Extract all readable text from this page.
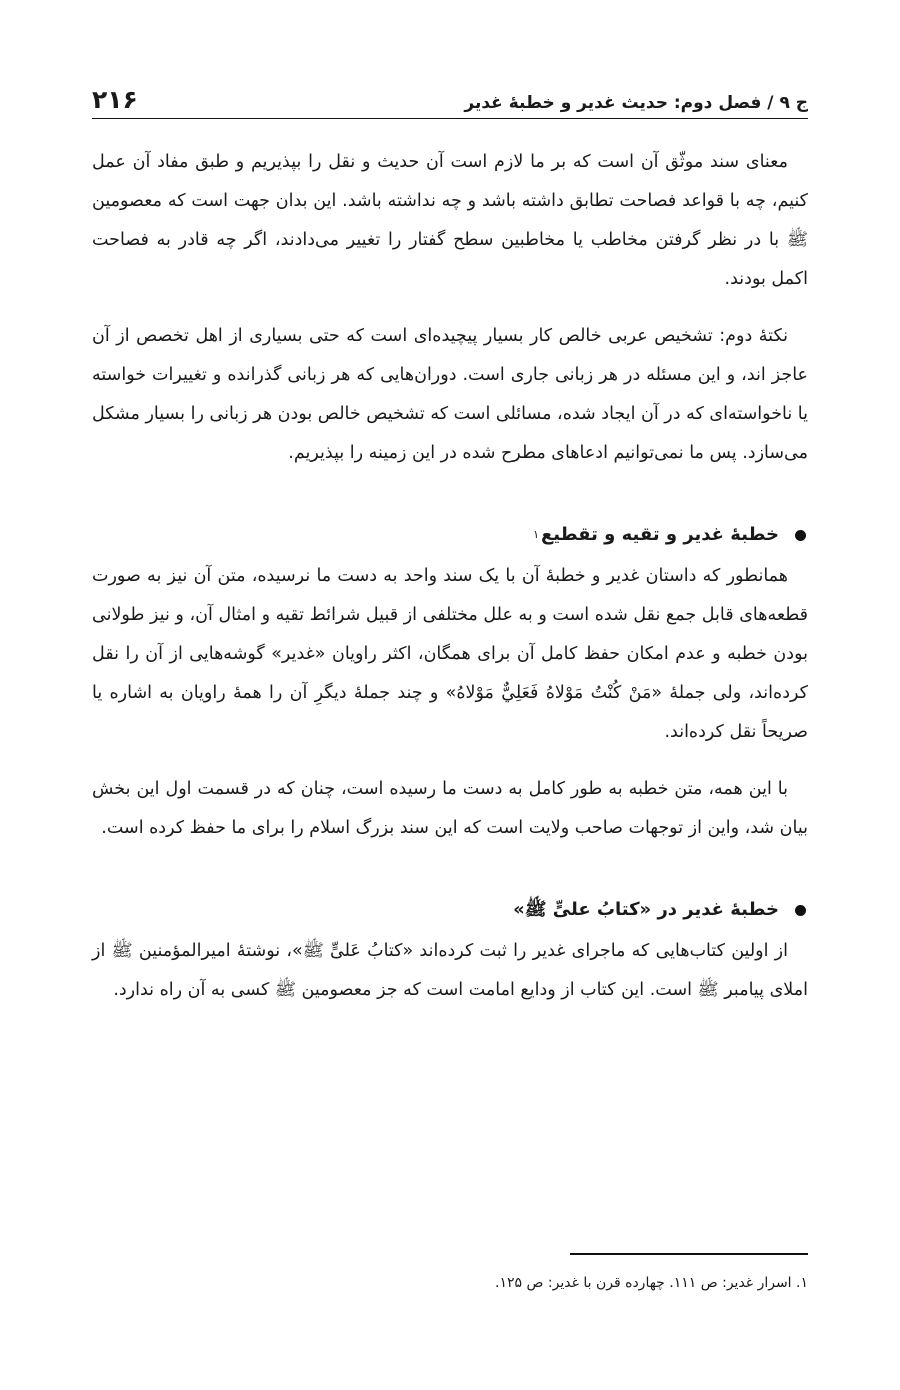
ج ۹ / فصل دوم: حدیث غدیر و خطبهٔ غدیر
۲۱۶

معنای سند موثّق آن است که بر ما لازم است آن حدیث و نقل را بپذیریم و طبق مفاد آن عمل کنیم، چه با قواعد فصاحت تطابق داشته باشد و چه نداشته باشد. این بدان جهت است که معصومین ﷺ با در نظر گرفتن مخاطب یا مخاطبین سطح گفتار را تغییر می‌دادند، اگر چه قادر به فصاحت اکمل بودند.

نکتهٔ دوم: تشخیص عربی خالص کار بسیار پیچیده‌ای است که حتی بسیاری از اهل تخصص از آن عاجز اند، و این مسئله در هر زبانی جاری است. دوران‌هایی که هر زبانی گذرانده و تغییرات خواسته یا ناخواسته‌ای که در آن ایجاد شده، مسائلی است که تشخیص خالص بودن هر زبانی را بسیار مشکل می‌سازد. پس ما نمی‌توانیم ادعاهای مطرح شده در این زمینه را بپذیریم.

خطبهٔ غدیر و تقیه و تقطیع
۱

همانطور که داستان غدیر و خطبهٔ آن با یک سند واحد به دست ما نرسیده، متن آن نیز به صورت قطعه‌های قابل جمع نقل شده است و به علل مختلفی از قبیل شرائط تقیه و امثال آن، و نیز طولانی بودن خطبه و عدم امکان حفظ کامل آن برای همگان، اکثر راویان «غدیر» گوشه‌هایی از آن را نقل کرده‌اند، ولی جملهٔ «مَنْ كُنْتُ مَوْلاهُ فَعَلِيٌّ مَوْلاهُ» و چند جملهٔ دیگرِ آن را همهٔ راویان به اشاره یا صریحاً نقل کرده‌اند.

با این همه، متن خطبه به طور کامل به دست ما رسیده است، چنان که در قسمت اول این بخش بیان شد، واین از توجهات صاحب ولایت است که این سند بزرگ اسلام را برای ما حفظ کرده است.

خطبهٔ غدیر در «کتابُ علیٍّ ﷺ»

از اولین کتاب‌هایی که ماجرای غدیر را ثبت کرده‌اند «کتابُ عَلیٍّ ﷺ»، نوشتهٔ امیرالمؤمنین ﷺ از املای پیامبر ﷺ است. این کتاب از ودایع امامت است که جز معصومین ﷺ کسی به آن راه ندارد.

۱. اسرار غدیر: ص ۱۱۱. چهارده قرن با غدیر: ص ۱۲۵.
